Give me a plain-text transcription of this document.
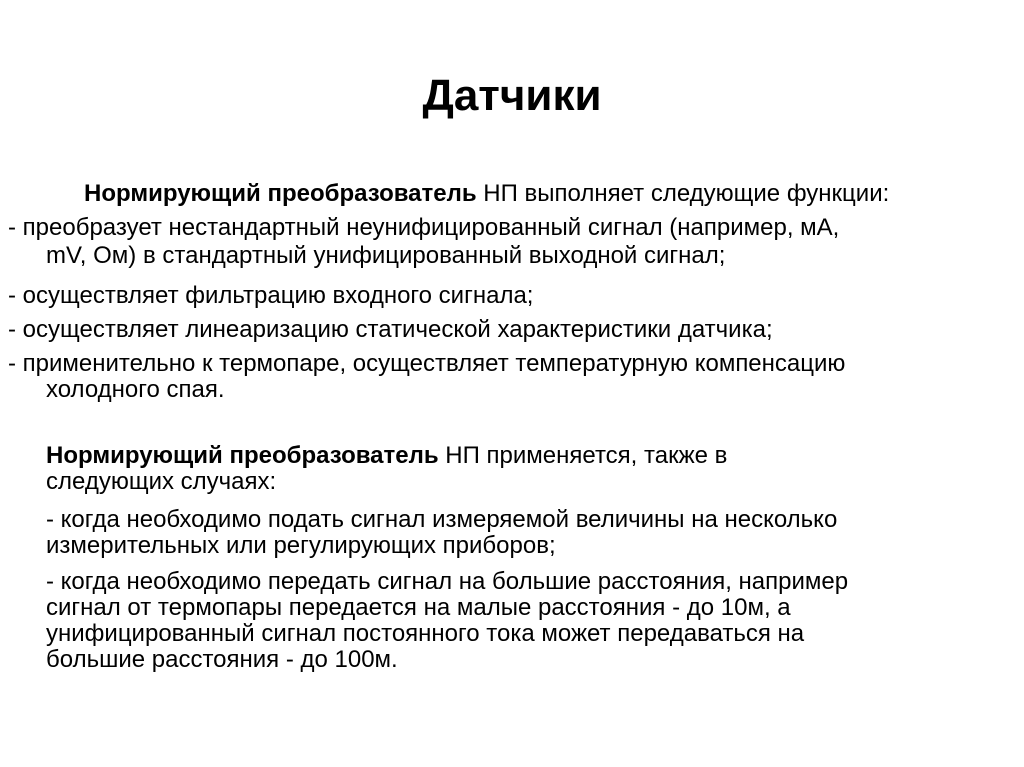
Датчики
Нормирующий преобразователь НП выполняет следующие функции:
- преобразует нестандартный неунифицированный сигнал (например, мА,
mV, Ом) в стандартный унифицированный выходной сигнал;
- осуществляет фильтрацию входного сигнала;
- осуществляет линеаризацию статической характеристики датчика;
- применительно к термопаре, осуществляет температурную компенсацию
холодного спая.
Нормирующий преобразователь НП применяется, также в
следующих случаях:
- когда необходимо подать сигнал измеряемой величины на несколько
измерительных или регулирующих приборов;
- когда необходимо передать сигнал на большие расстояния, например
сигнал от термопары передается на малые расстояния - до 10м, а
унифицированный сигнал постоянного тока может передаваться на
большие расстояния - до 100м.
